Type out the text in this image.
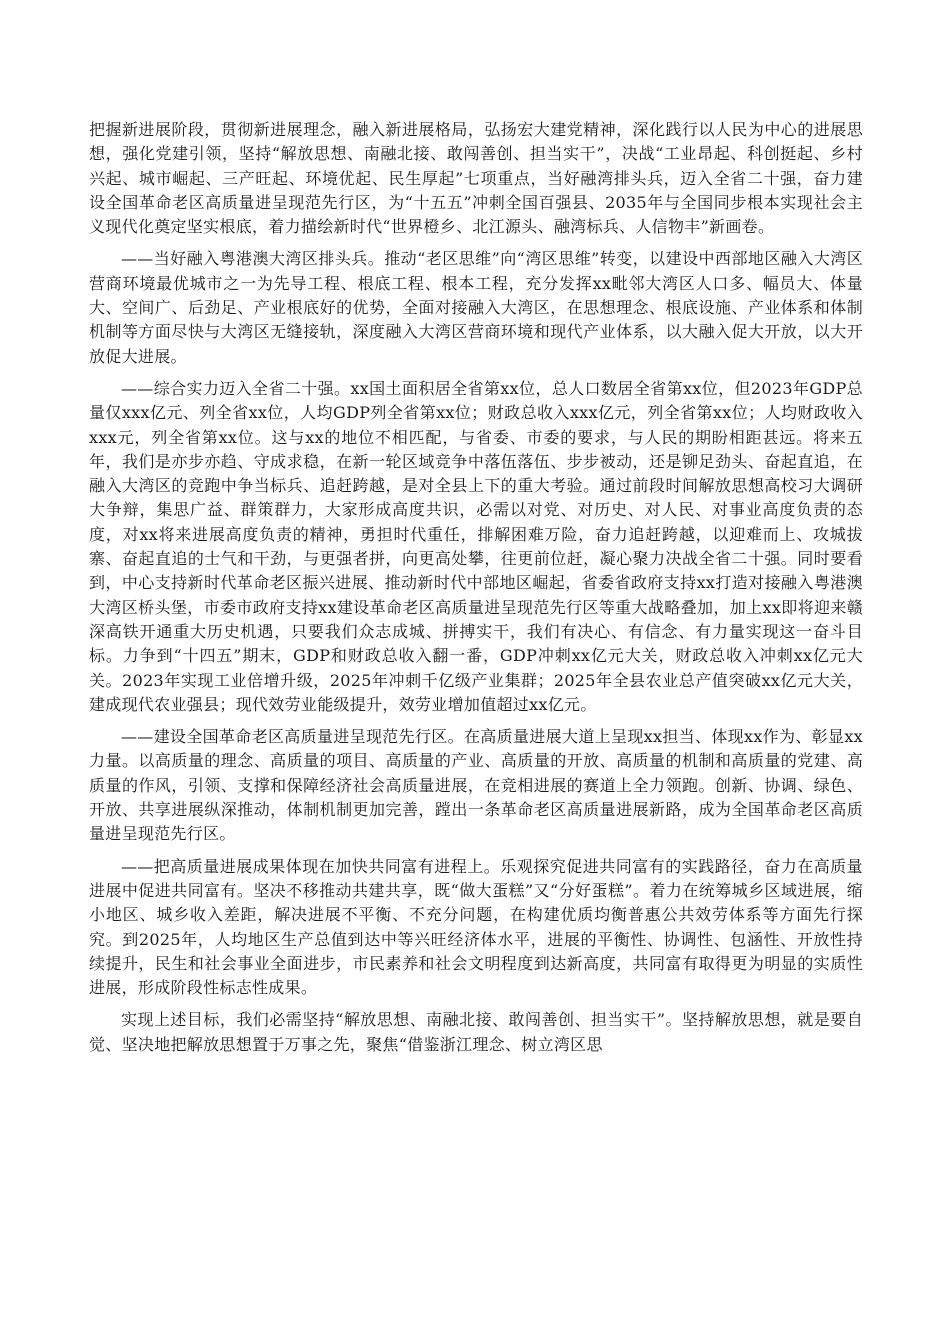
把握新进展阶段，贯彻新进展理念，融入新进展格局，弘扬宏大建党精神，深化践行以人民为中心的进展思想，强化党建引领，坚持“解放思想、南融北接、敢闯善创、担当实干”，决战“工业昂起、科创挺起、乡村兴起、城市崛起、三产旺起、环境优起、民生厚起”七项重点，当好融湾排头兵，迈入全省二十强，奋力建设全国革命老区高质量进呈现范先行区，为“十五五”冲刺全国百强县、2035年与全国同步根本实现社会主义现代化奠定坚实根底，着力描绘新时代“世界橙乡、北江源头、融湾标兵、人信物丰”新画卷。

——当好融入粤港澳大湾区排头兵。推动“老区思维”向“湾区思维”转变，以建设中西部地区融入大湾区营商环境最优城市之一为先导工程、根底工程、根本工程，充分发挥xx毗邻大湾区人口多、幅员大、体量大、空间广、后劲足、产业根底好的优势，全面对接融入大湾区，在思想理念、根底设施、产业体系和体制机制等方面尽快与大湾区无缝接轨，深度融入大湾区营商环境和现代产业体系，以大融入促大开放，以大开放促大进展。

——综合实力迈入全省二十强。xx国土面积居全省第xx位，总人口数居全省第xx位，但2023年GDP总量仅xxx亿元、列全省xx位，人均GDP列全省第xx位；财政总收入xxx亿元，列全省第xx位；人均财政收入xxx元，列全省第xx位。这与xx的地位不相匹配，与省委、市委的要求，与人民的期盼相距甚远。将来五年，我们是亦步亦趋、守成求稳，在新一轮区域竞争中落伍落伍、步步被动，还是铆足劲头、奋起直追，在融入大湾区的竞跑中争当标兵、追赶跨越，是对全县上下的重大考验。通过前段时间解放思想高校习大调研大争辩，集思广益、群策群力，大家形成高度共识，必需以对党、对历史、对人民、对事业高度负责的态度，对xx将来进展高度负责的精神，勇担时代重任，排解困难万险，奋力追赶跨越，以迎难而上、攻城拔寨、奋起直追的士气和干劲，与更强者拼，向更高处攀，往更前位赶，凝心聚力决战全省二十强。同时要看到，中心支持新时代革命老区振兴进展、推动新时代中部地区崛起，省委省政府支持xx打造对接融入粤港澳大湾区桥头堡，市委市政府支持xx建设革命老区高质量进呈现范先行区等重大战略叠加，加上xx即将迎来赣深高铁开通重大历史机遇，只要我们众志成城、拼搏实干，我们有决心、有信念、有力量实现这一奋斗目标。力争到“十四五”期末，GDP和财政总收入翻一番，GDP冲刺xx亿元大关，财政总收入冲刺xx亿元大关。2023年实现工业倍增升级，2025年冲刺千亿级产业集群；2025年全县农业总产值突破xx亿元大关，建成现代农业强县；现代效劳业能级提升，效劳业增加值超过xx亿元。

——建设全国革命老区高质量进呈现范先行区。在高质量进展大道上呈现xx担当、体现xx作为、彰显xx力量。以高质量的理念、高质量的项目、高质量的产业、高质量的开放、高质量的机制和高质量的党建、高质量的作风，引领、支撑和保障经济社会高质量进展，在竞相进展的赛道上全力领跑。创新、协调、绿色、开放、共享进展纵深推动，体制机制更加完善，蹚出一条革命老区高质量进展新路，成为全国革命老区高质量进呈现范先行区。

——把高质量进展成果体现在加快共同富有进程上。乐观探究促进共同富有的实践路径，奋力在高质量进展中促进共同富有。坚决不移推动共建共享，既“做大蛋糕”又“分好蛋糕”。着力在统筹城乡区域进展，缩小地区、城乡收入差距，解决进展不平衡、不充分问题，在构建优质均衡普惠公共效劳体系等方面先行探究。到2025年，人均地区生产总值到达中等兴旺经济体水平，进展的平衡性、协调性、包涵性、开放性持续提升，民生和社会事业全面进步，市民素养和社会文明程度到达新高度，共同富有取得更为明显的实质性进展，形成阶段性标志性成果。

实现上述目标，我们必需坚持“解放思想、南融北接、敢闯善创、担当实干”。坚持解放思想，就是要自觉、坚决地把解放思想置于万事之先，聚焦“借鉴浙江理念、树立湾区思
